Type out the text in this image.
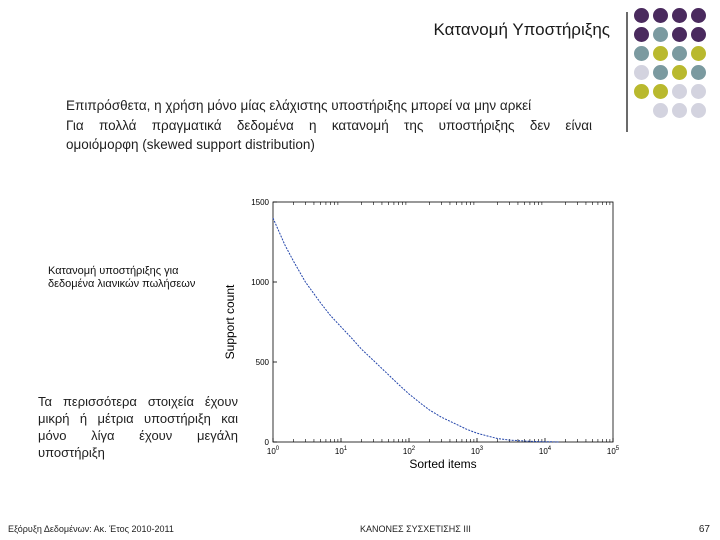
Κατανομή Υποστήριξης

Επιπρόσθετα, η χρήση μόνο μίας ελάχιστης υποστήριξης μπορεί να μην αρκεί

Για πολλά πραγματικά δεδομένα η κατανομή της υποστήριξης δεν είναι

ομοιόμορφη (skewed support distribution)

0
500
1000
1500
$10^0$	$10^1$	$10^2$	$10^3$	$10^4$	$10^5$
Sorted items
Support count
Κατανομή υποστήριξης για δεδομένα λιανικών πωλήσεων
Τα περισσότερα στοιχεία έχουν
μικρή ή μέτρια υποστήριξη και
μόνο λίγα έχουν μεγάλη
υποστήριξη
Εξόρυξη Δεδομένων: Ακ. Έτος 2010-2011	ΚΑΝΟΝΕΣ ΣΥΣΧΕΤΙΣΗΣ ΙΙΙ	67
